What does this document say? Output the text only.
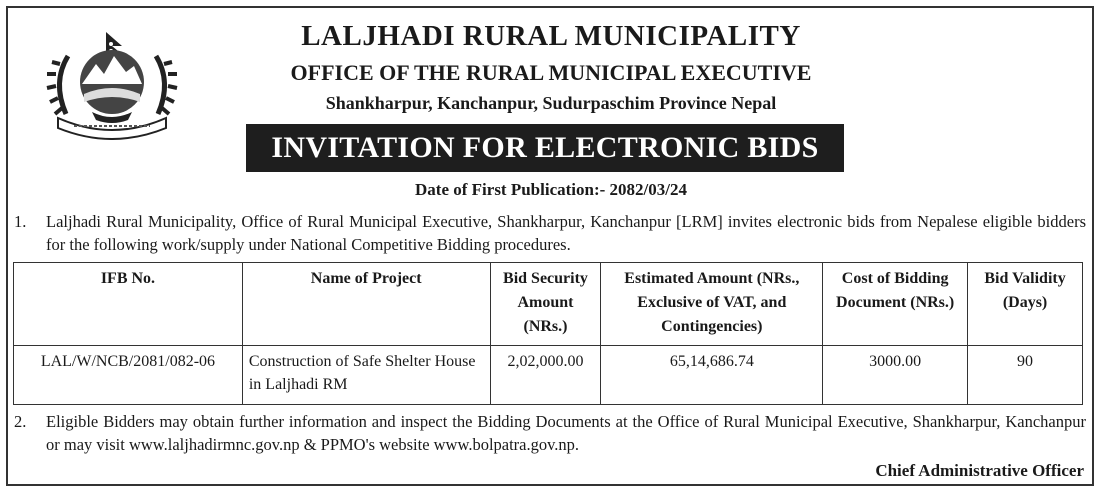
LALJHADI RURAL MUNICIPALITY
OFFICE OF THE RURAL MUNICIPAL EXECUTIVE
Shankharpur, Kanchanpur, Sudurpaschim Province Nepal
INVITATION FOR ELECTRONIC BIDS
Date of First Publication:- 2082/03/24
1. Laljhadi Rural Municipality, Office of Rural Municipal Executive, Shankharpur, Kanchanpur [LRM] invites electronic bids from Nepalese eligible bidders for the following work/supply under National Competitive Bidding procedures.
IFB No.	Name of Project	Bid Security Amount (NRs.)	Estimated Amount (NRs., Exclusive of VAT, and Contingencies)	Cost of Bidding Document (NRs.)	Bid Validity (Days)
LAL/W/NCB/2081/082-06	Construction of Safe Shelter House in Laljhadi RM	2,02,000.00	65,14,686.74	3000.00	90
2. Eligible Bidders may obtain further information and inspect the Bidding Documents at the Office of Rural Municipal Executive, Shankharpur, Kanchanpur or may visit www.laljhadirmnc.gov.np & PPMO's website www.bolpatra.gov.np.
Chief Administrative Officer
